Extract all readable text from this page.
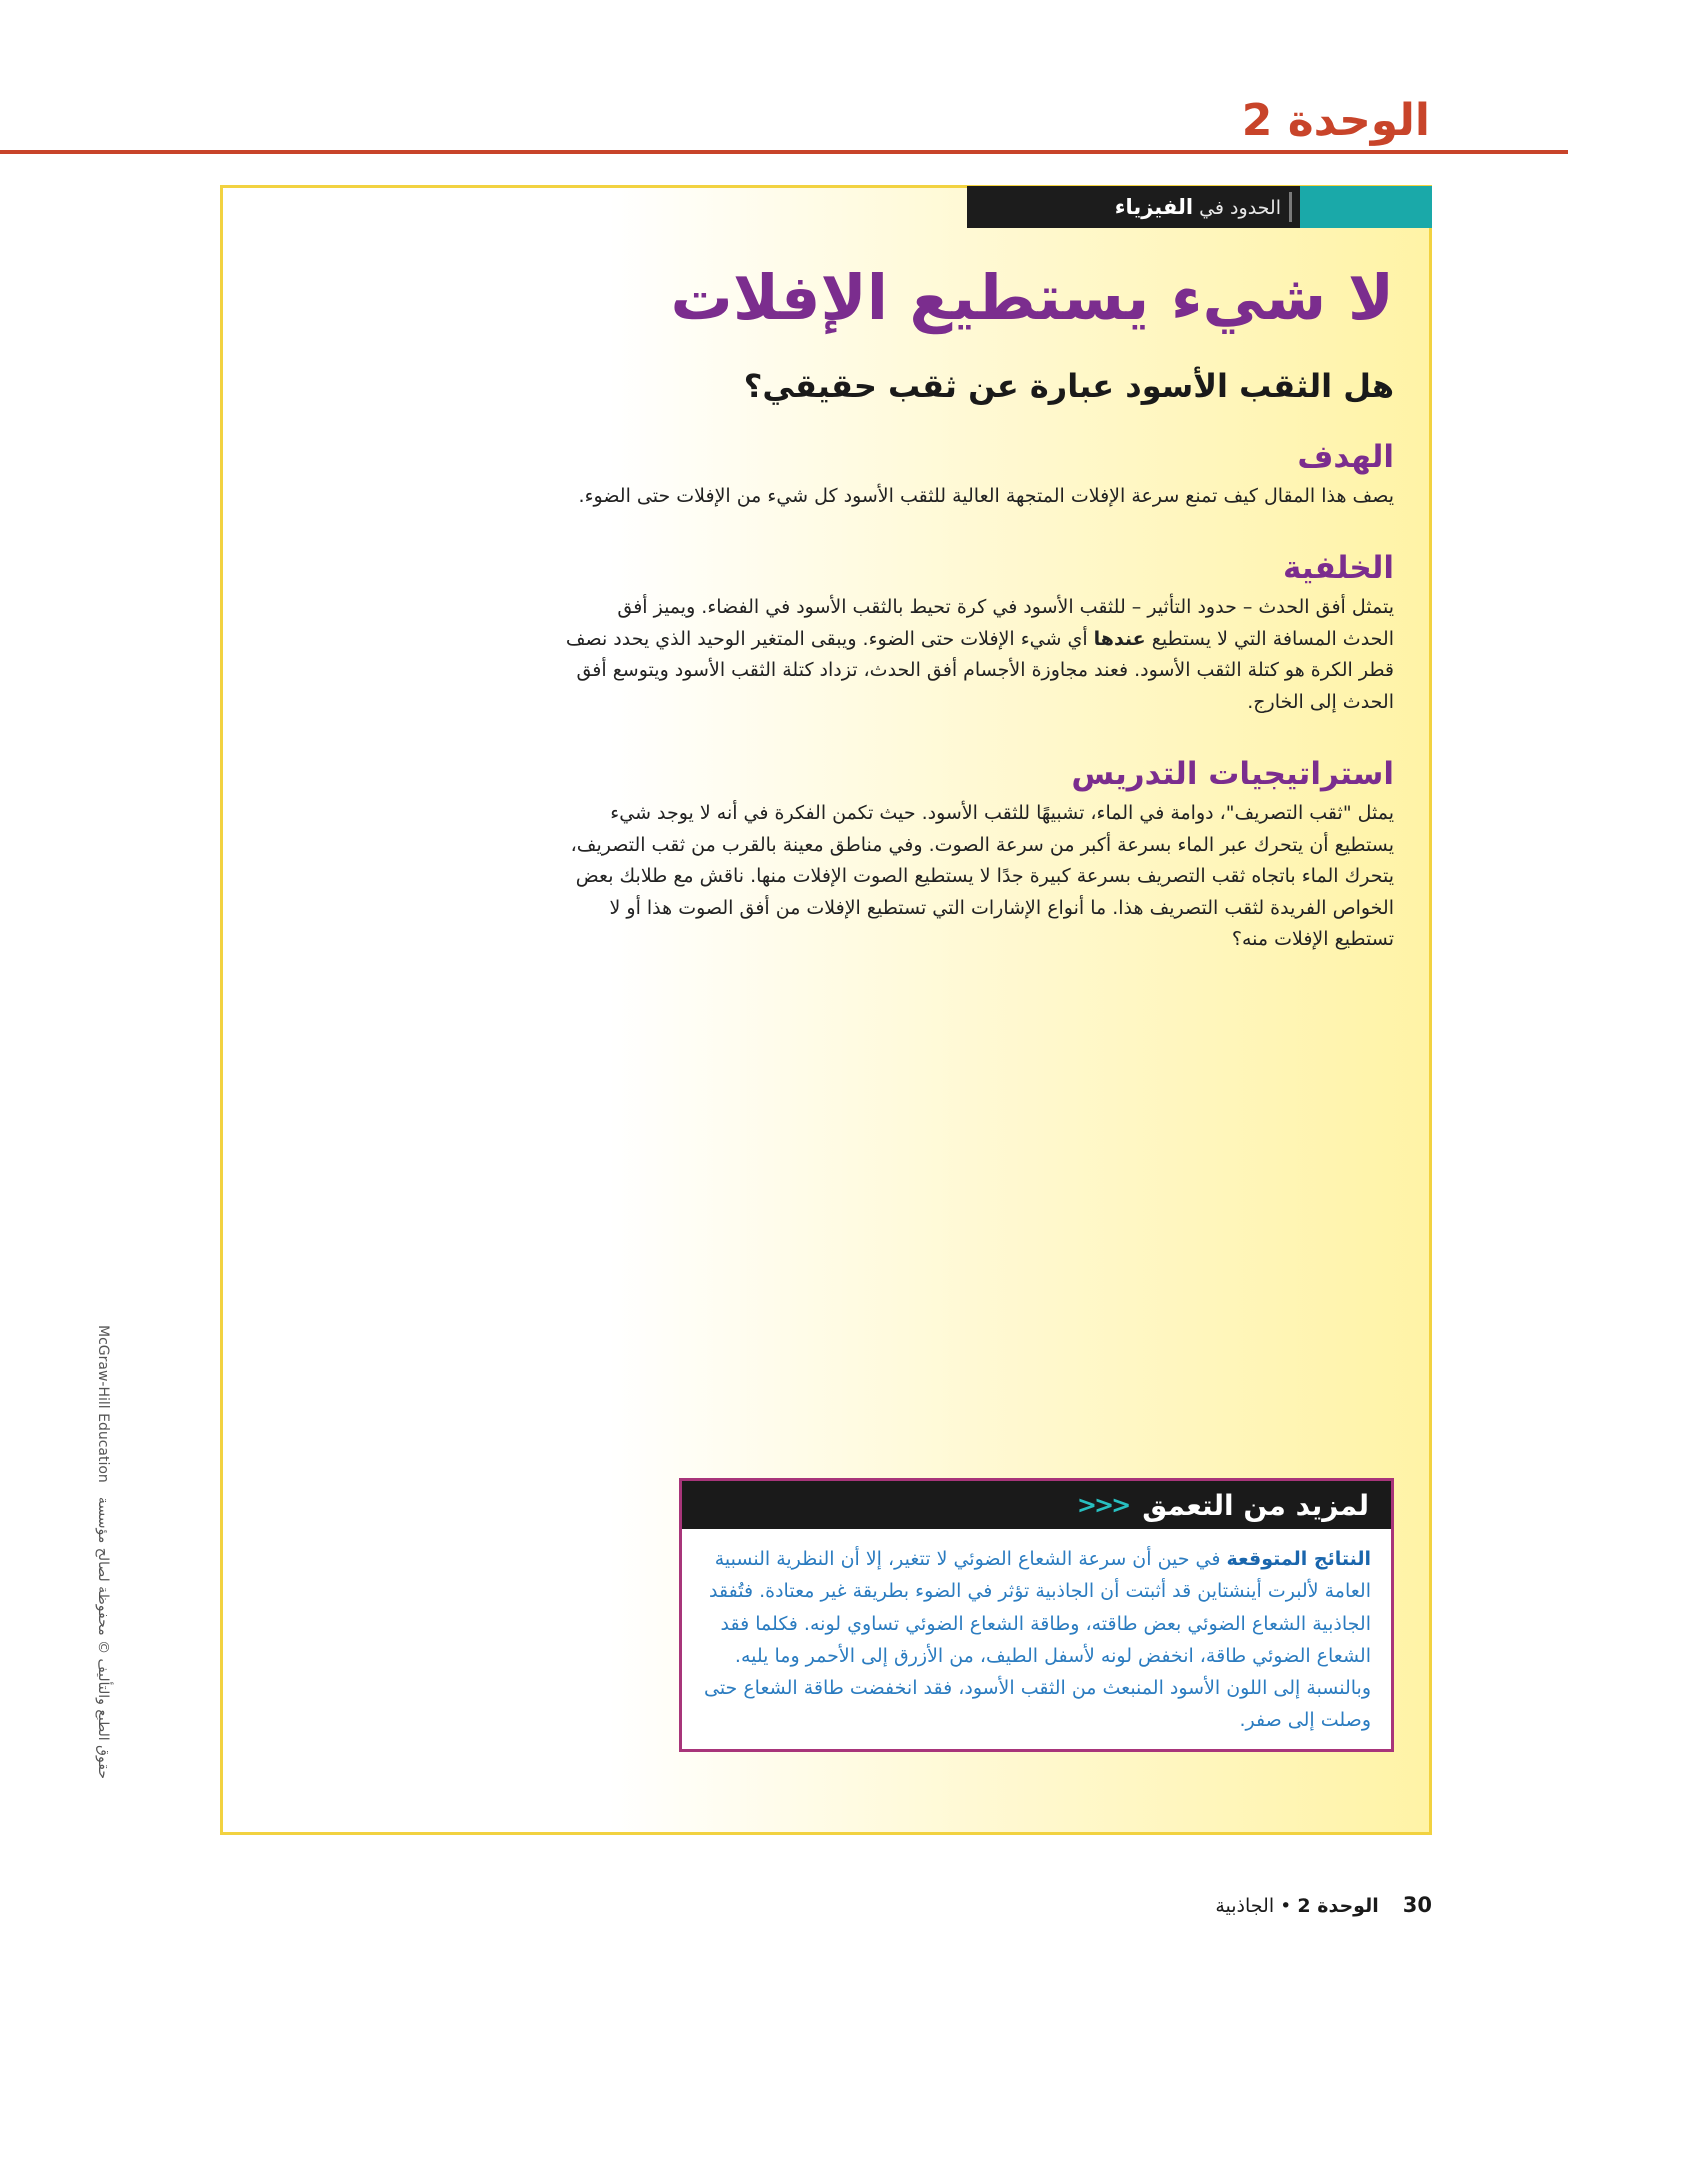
الوحدة 2
الحدود في الفيزياء
لا شيء يستطيع الإفلات
هل الثقب الأسود عبارة عن ثقب حقيقي؟
الهدف

يصف هذا المقال كيف تمنع سرعة الإفلات المتجهة العالية للثقب الأسود كل شيء من الإفلات حتى الضوء.

الخلفية

يتمثل أفق الحدث – حدود التأثير – للثقب الأسود في كرة تحيط بالثقب الأسود في الفضاء. ويميز أفق الحدث المسافة التي لا يستطيع عندها أي شيء الإفلات حتى الضوء. ويبقى المتغير الوحيد الذي يحدد نصف قطر الكرة هو كتلة الثقب الأسود. فعند مجاوزة الأجسام أفق الحدث، تزداد كتلة الثقب الأسود ويتوسع أفق الحدث إلى الخارج.

استراتيجيات التدريس

يمثل "ثقب التصريف"، دوامة في الماء، تشبيهًا للثقب الأسود. حيث تكمن الفكرة في أنه لا يوجد شيء يستطيع أن يتحرك عبر الماء بسرعة أكبر من سرعة الصوت. وفي مناطق معينة بالقرب من ثقب التصريف، يتحرك الماء باتجاه ثقب التصريف بسرعة كبيرة جدًا لا يستطيع الصوت الإفلات منها. ناقش مع طلابك بعض الخواص الفريدة لثقب التصريف هذا. ما أنواع الإشارات التي تستطيع الإفلات من أفق الصوت هذا أو لا تستطيع الإفلات منه؟

لمزيد من التعمق
<<<
النتائج المتوقعة في حين أن سرعة الشعاع الضوئي لا تتغير، إلا أن النظرية النسبية العامة لألبرت أينشتاين قد أثبتت أن الجاذبية تؤثر في الضوء بطريقة غير معتادة. فتُفقد الجاذبية الشعاع الضوئي بعض طاقته، وطاقة الشعاع الضوئي تساوي لونه. فكلما فقد الشعاع الضوئي طاقة، انخفض لونه لأسفل الطيف، من الأزرق إلى الأحمر وما يليه. وبالنسبة إلى اللون الأسود المنبعث من الثقب الأسود، فقد انخفضت طاقة الشعاع حتى وصلت إلى صفر.
30 الوحدة 2 • الجاذبية
McGraw-Hill Education
حقوق الطبع والتأليف © محفوظة لصالح مؤسسة
